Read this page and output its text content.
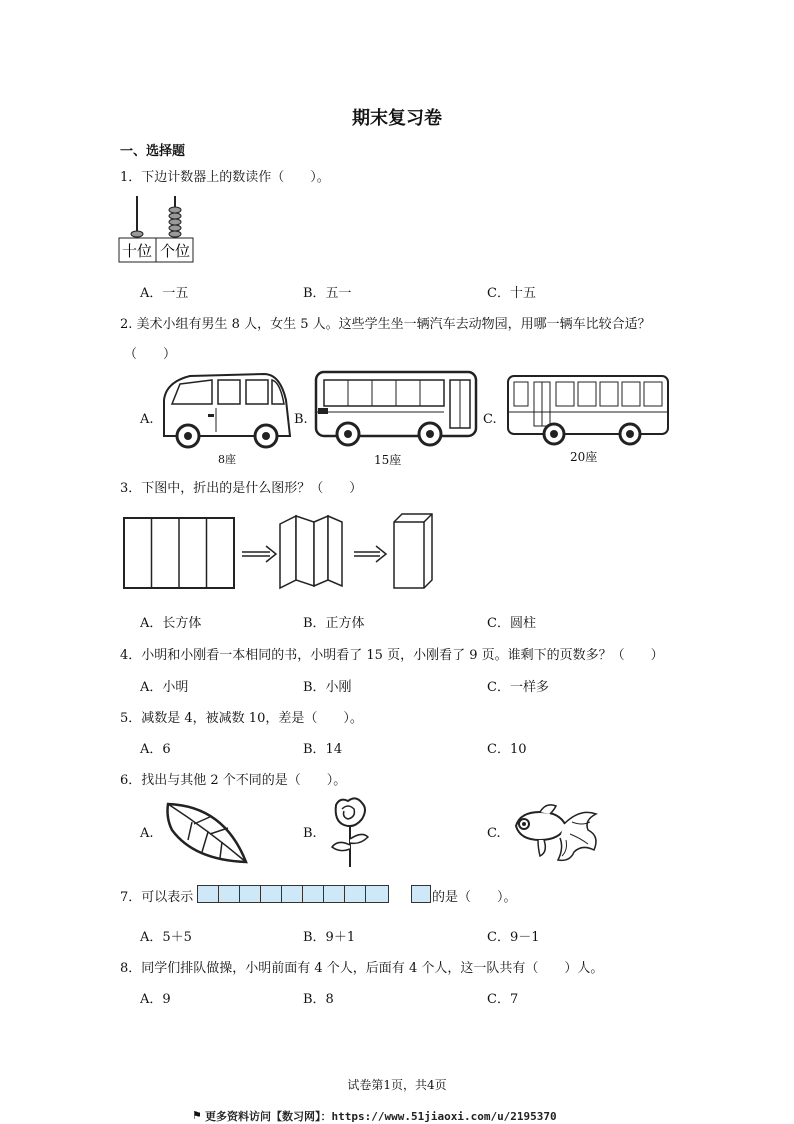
期末复习卷
一、选择题
1．下边计数器上的数读作（　　）。
十位 个位
A．一五	B．五一	C．十五
2. 美术小组有男生 8 人，女生 5 人。这些学生坐一辆汽车去动物园，用哪一辆车比较合适？
（　　）
A.	B.	C.
8座	15座	20座
3．下图中，折出的是什么图形？（　　）
A．长方体	B．正方体	C．圆柱
4．小明和小刚看一本相同的书，小明看了 15 页，小刚看了 9 页。谁剩下的页数多？（　　）
A．小明	B．小刚	C．一样多
5．减数是 4，被减数 10，差是（　　）。
A．6	B．14	C．10
6．找出与其他 2 个不同的是（　　）。
A.	B.	C.
7．可以表示	的是（　　）。
A．5＋5	B．9＋1	C．9－1
8．同学们排队做操，小明前面有 4 个人，后面有 4 个人，这一队共有（　　）人。
A．9	B．8	C．7
试卷第1页，共4页
⚑ 更多资料访问【数习网】：https://www.51jiaoxi.com/u/2195370
